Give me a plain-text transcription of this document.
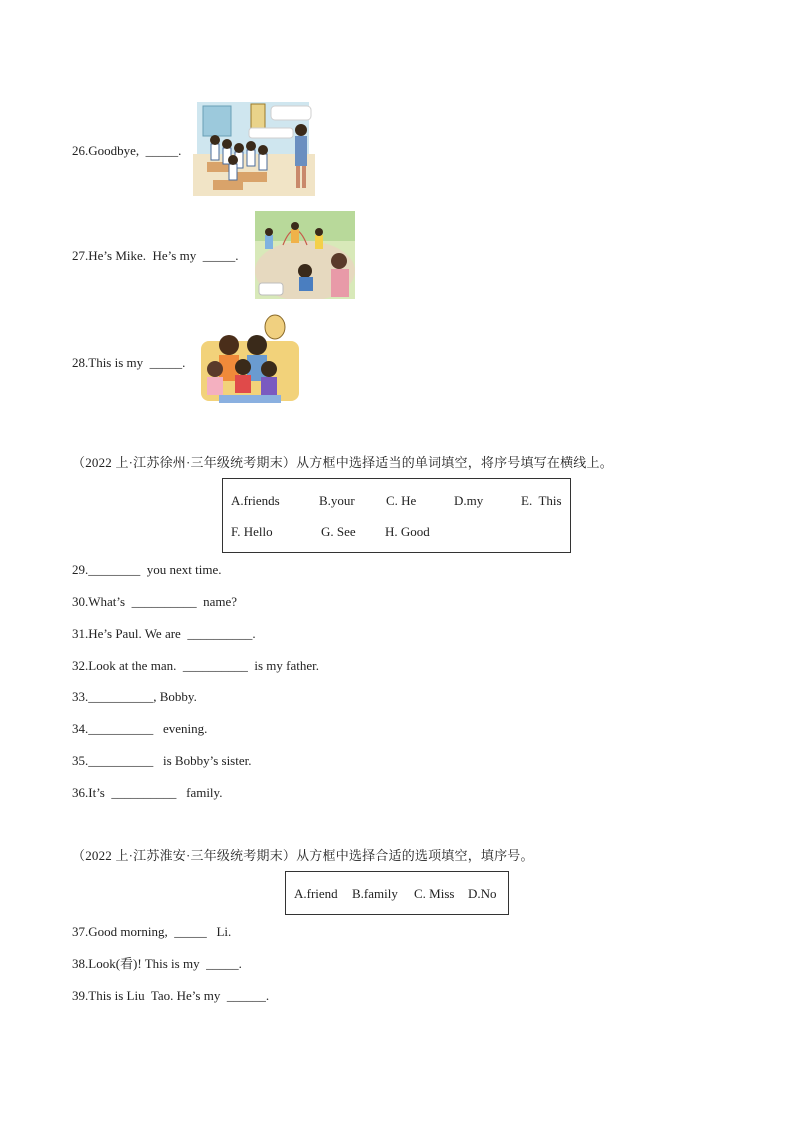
26.Goodbye,  _____.
27.He’s Mike.  He’s my  _____.
28.This is my  _____.
（2022 上·江苏徐州·三年级统考期末）从方框中选择适当的单词填空，将序号填写在横线上。
A.friends	B.your C. He	D.my	E.  This
F. Hello	G. See H. Good
29.________  you next time.
30.What’s  __________  name?
31.He’s Paul. We are  __________.
32.Look at the man.  __________  is my father.
33.__________, Bobby.
34.__________   evening.
35.__________   is Bobby’s sister.
36.It’s  __________   family.
（2022 上·江苏淮安·三年级统考期末）从方框中选择合适的选项填空，填序号。
A.friend B.family C. Miss D.No
37.Good morning,  _____   Li.
38.Look(看)! This is my  _____.
39.This is Liu  Tao. He’s my  ______.
